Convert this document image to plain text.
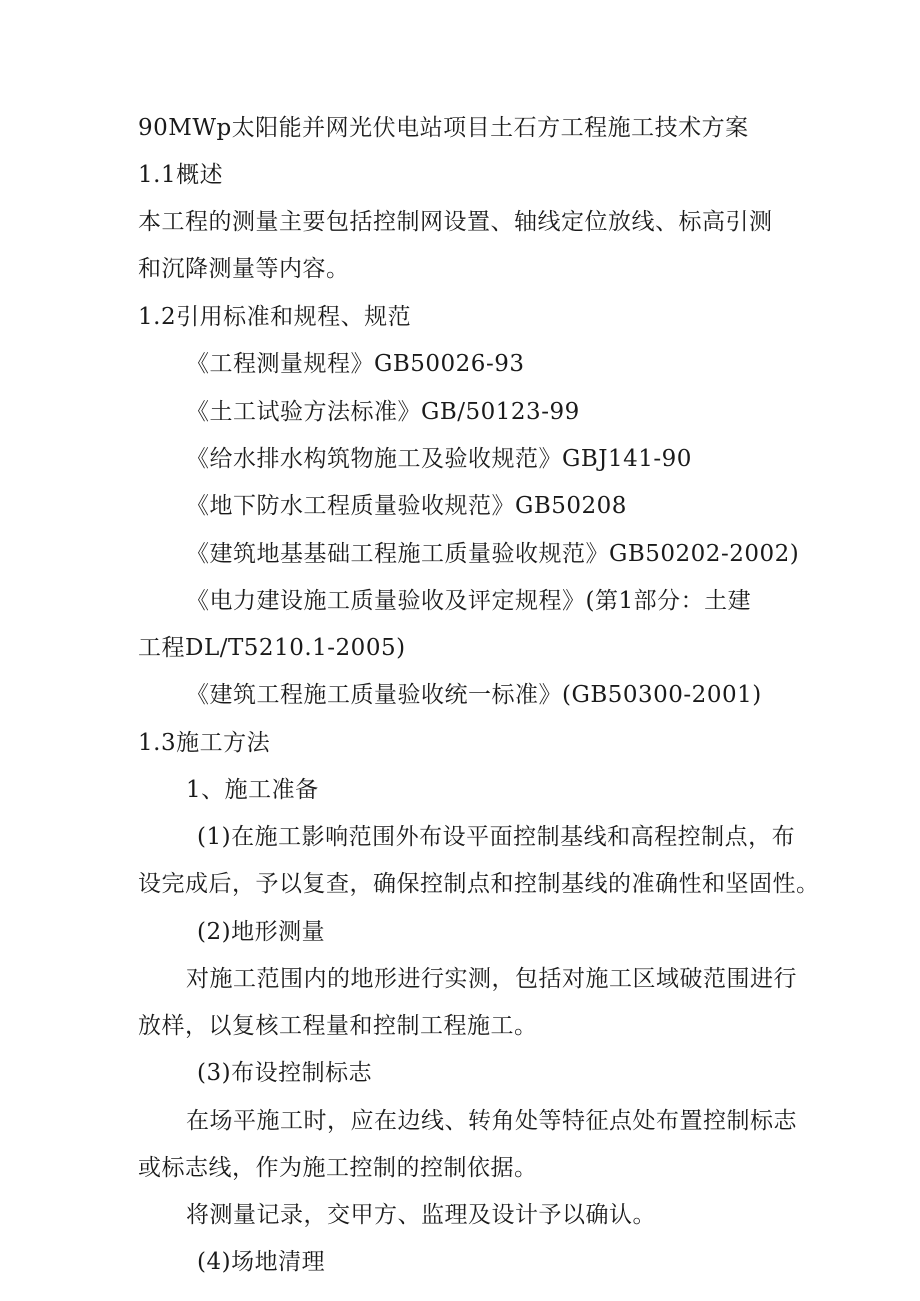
90MWp太阳能并网光伏电站项目土石方工程施工技术方案
1.1概述
本工程的测量主要包括控制网设置、轴线定位放线、标高引测
和沉降测量等内容。
1.2引用标准和规程、规范
《工程测量规程》GB50026-93
《土工试验方法标准》GB/50123-99
《给水排水构筑物施工及验收规范》GBJ141-90
《地下防水工程质量验收规范》GB50208
《建筑地基基础工程施工质量验收规范》GB50202-2002)
《电力建设施工质量验收及评定规程》(第1部分：土建
工程DL/T5210.1-2005)
《建筑工程施工质量验收统一标准》(GB50300-2001)
1.3施工方法
1、施工准备
(1)在施工影响范围外布设平面控制基线和高程控制点，布
设完成后，予以复查，确保控制点和控制基线的准确性和坚固性。
(2)地形测量
对施工范围内的地形进行实测，包括对施工区域破范围进行
放样，以复核工程量和控制工程施工。
(3)布设控制标志
在场平施工时，应在边线、转角处等特征点处布置控制标志
或标志线，作为施工控制的控制依据。
将测量记录，交甲方、监理及设计予以确认。
(4)场地清理
